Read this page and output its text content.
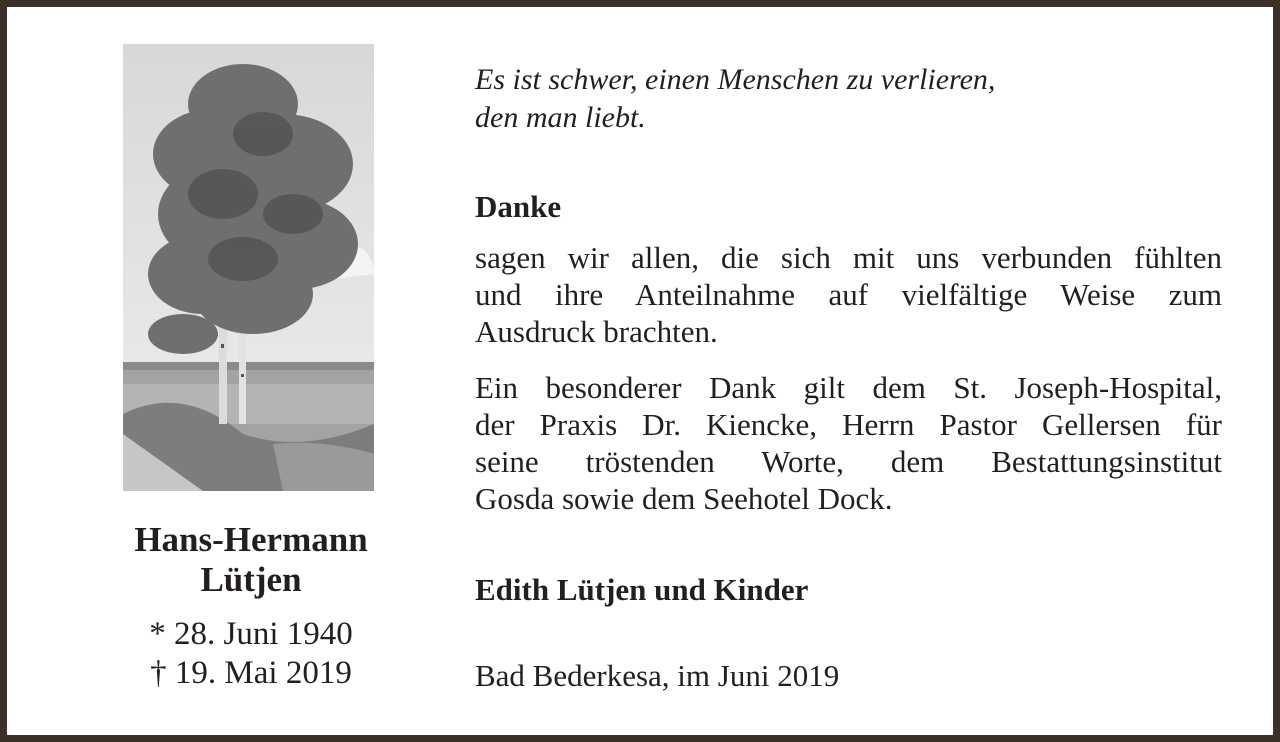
Hans-Hermann
Lütjen
* 28. Juni 1940
† 19. Mai 2019
Es ist schwer, einen Menschen zu verlieren,
den man liebt.
Danke
sagen wir allen, die sich mit uns verbunden fühlten
und ihre Anteilnahme auf vielfältige Weise zum
Ausdruck brachten.
Ein besonderer Dank gilt dem St. Joseph-Hospital,
der Praxis Dr. Kiencke, Herrn Pastor Gellersen für
seine tröstenden Worte, dem Bestattungsinstitut
Gosda sowie dem Seehotel Dock.
Edith Lütjen und Kinder
Bad Bederkesa, im Juni 2019
